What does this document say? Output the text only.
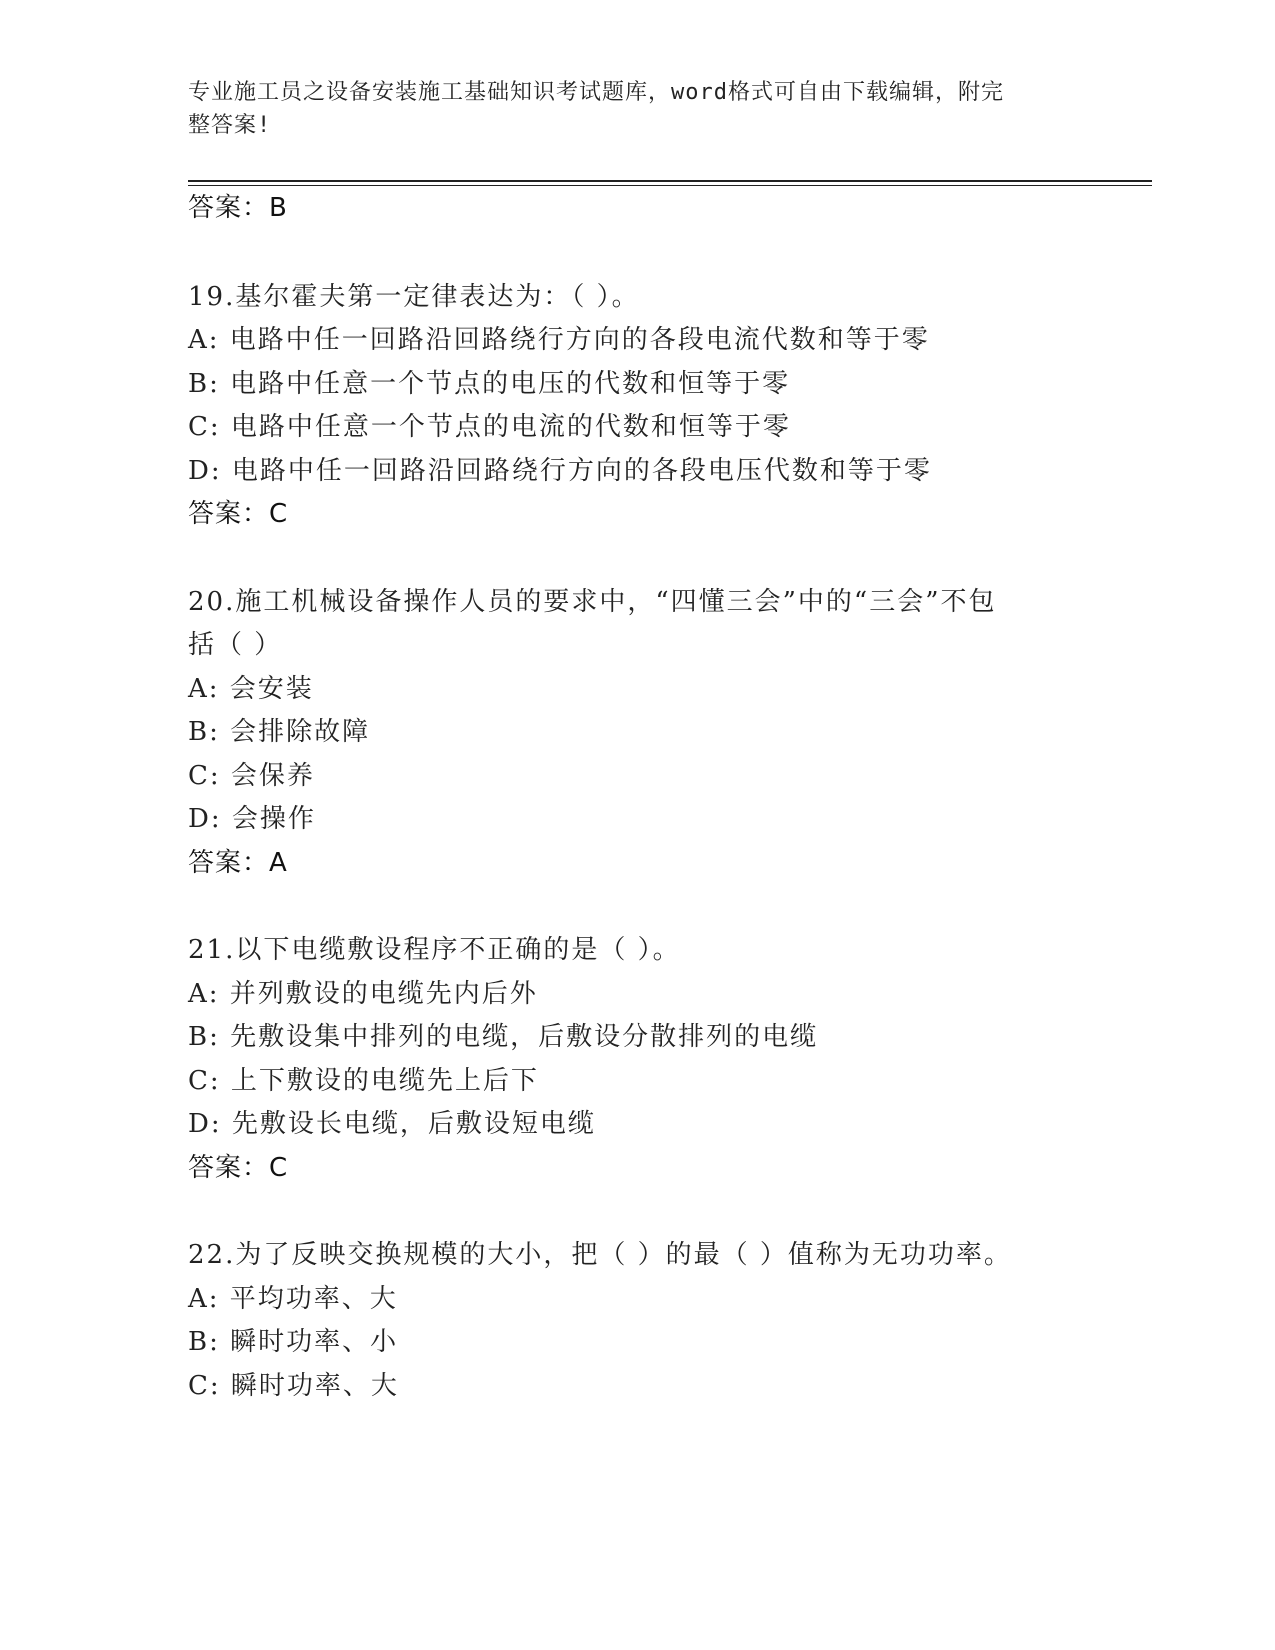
专业施工员之设备安装施工基础知识考试题库，word格式可自由下载编辑，附完
整答案!
答案：B
19.基尔霍夫第一定律表达为：（ ）。
A: 电路中任一回路沿回路绕行方向的各段电流代数和等于零
B: 电路中任意一个节点的电压的代数和恒等于零
C: 电路中任意一个节点的电流的代数和恒等于零
D: 电路中任一回路沿回路绕行方向的各段电压代数和等于零
答案：C
20.施工机械设备操作人员的要求中，“四懂三会”中的“三会”不包
括（ ）
A: 会安装
B: 会排除故障
C: 会保养
D: 会操作
答案：A
21.以下电缆敷设程序不正确的是（ ）。
A: 并列敷设的电缆先内后外
B: 先敷设集中排列的电缆，后敷设分散排列的电缆
C: 上下敷设的电缆先上后下
D: 先敷设长电缆，后敷设短电缆
答案：C
22.为了反映交换规模的大小，把（ ）的最（ ）值称为无功功率。
A: 平均功率、大
B: 瞬时功率、小
C: 瞬时功率、大
